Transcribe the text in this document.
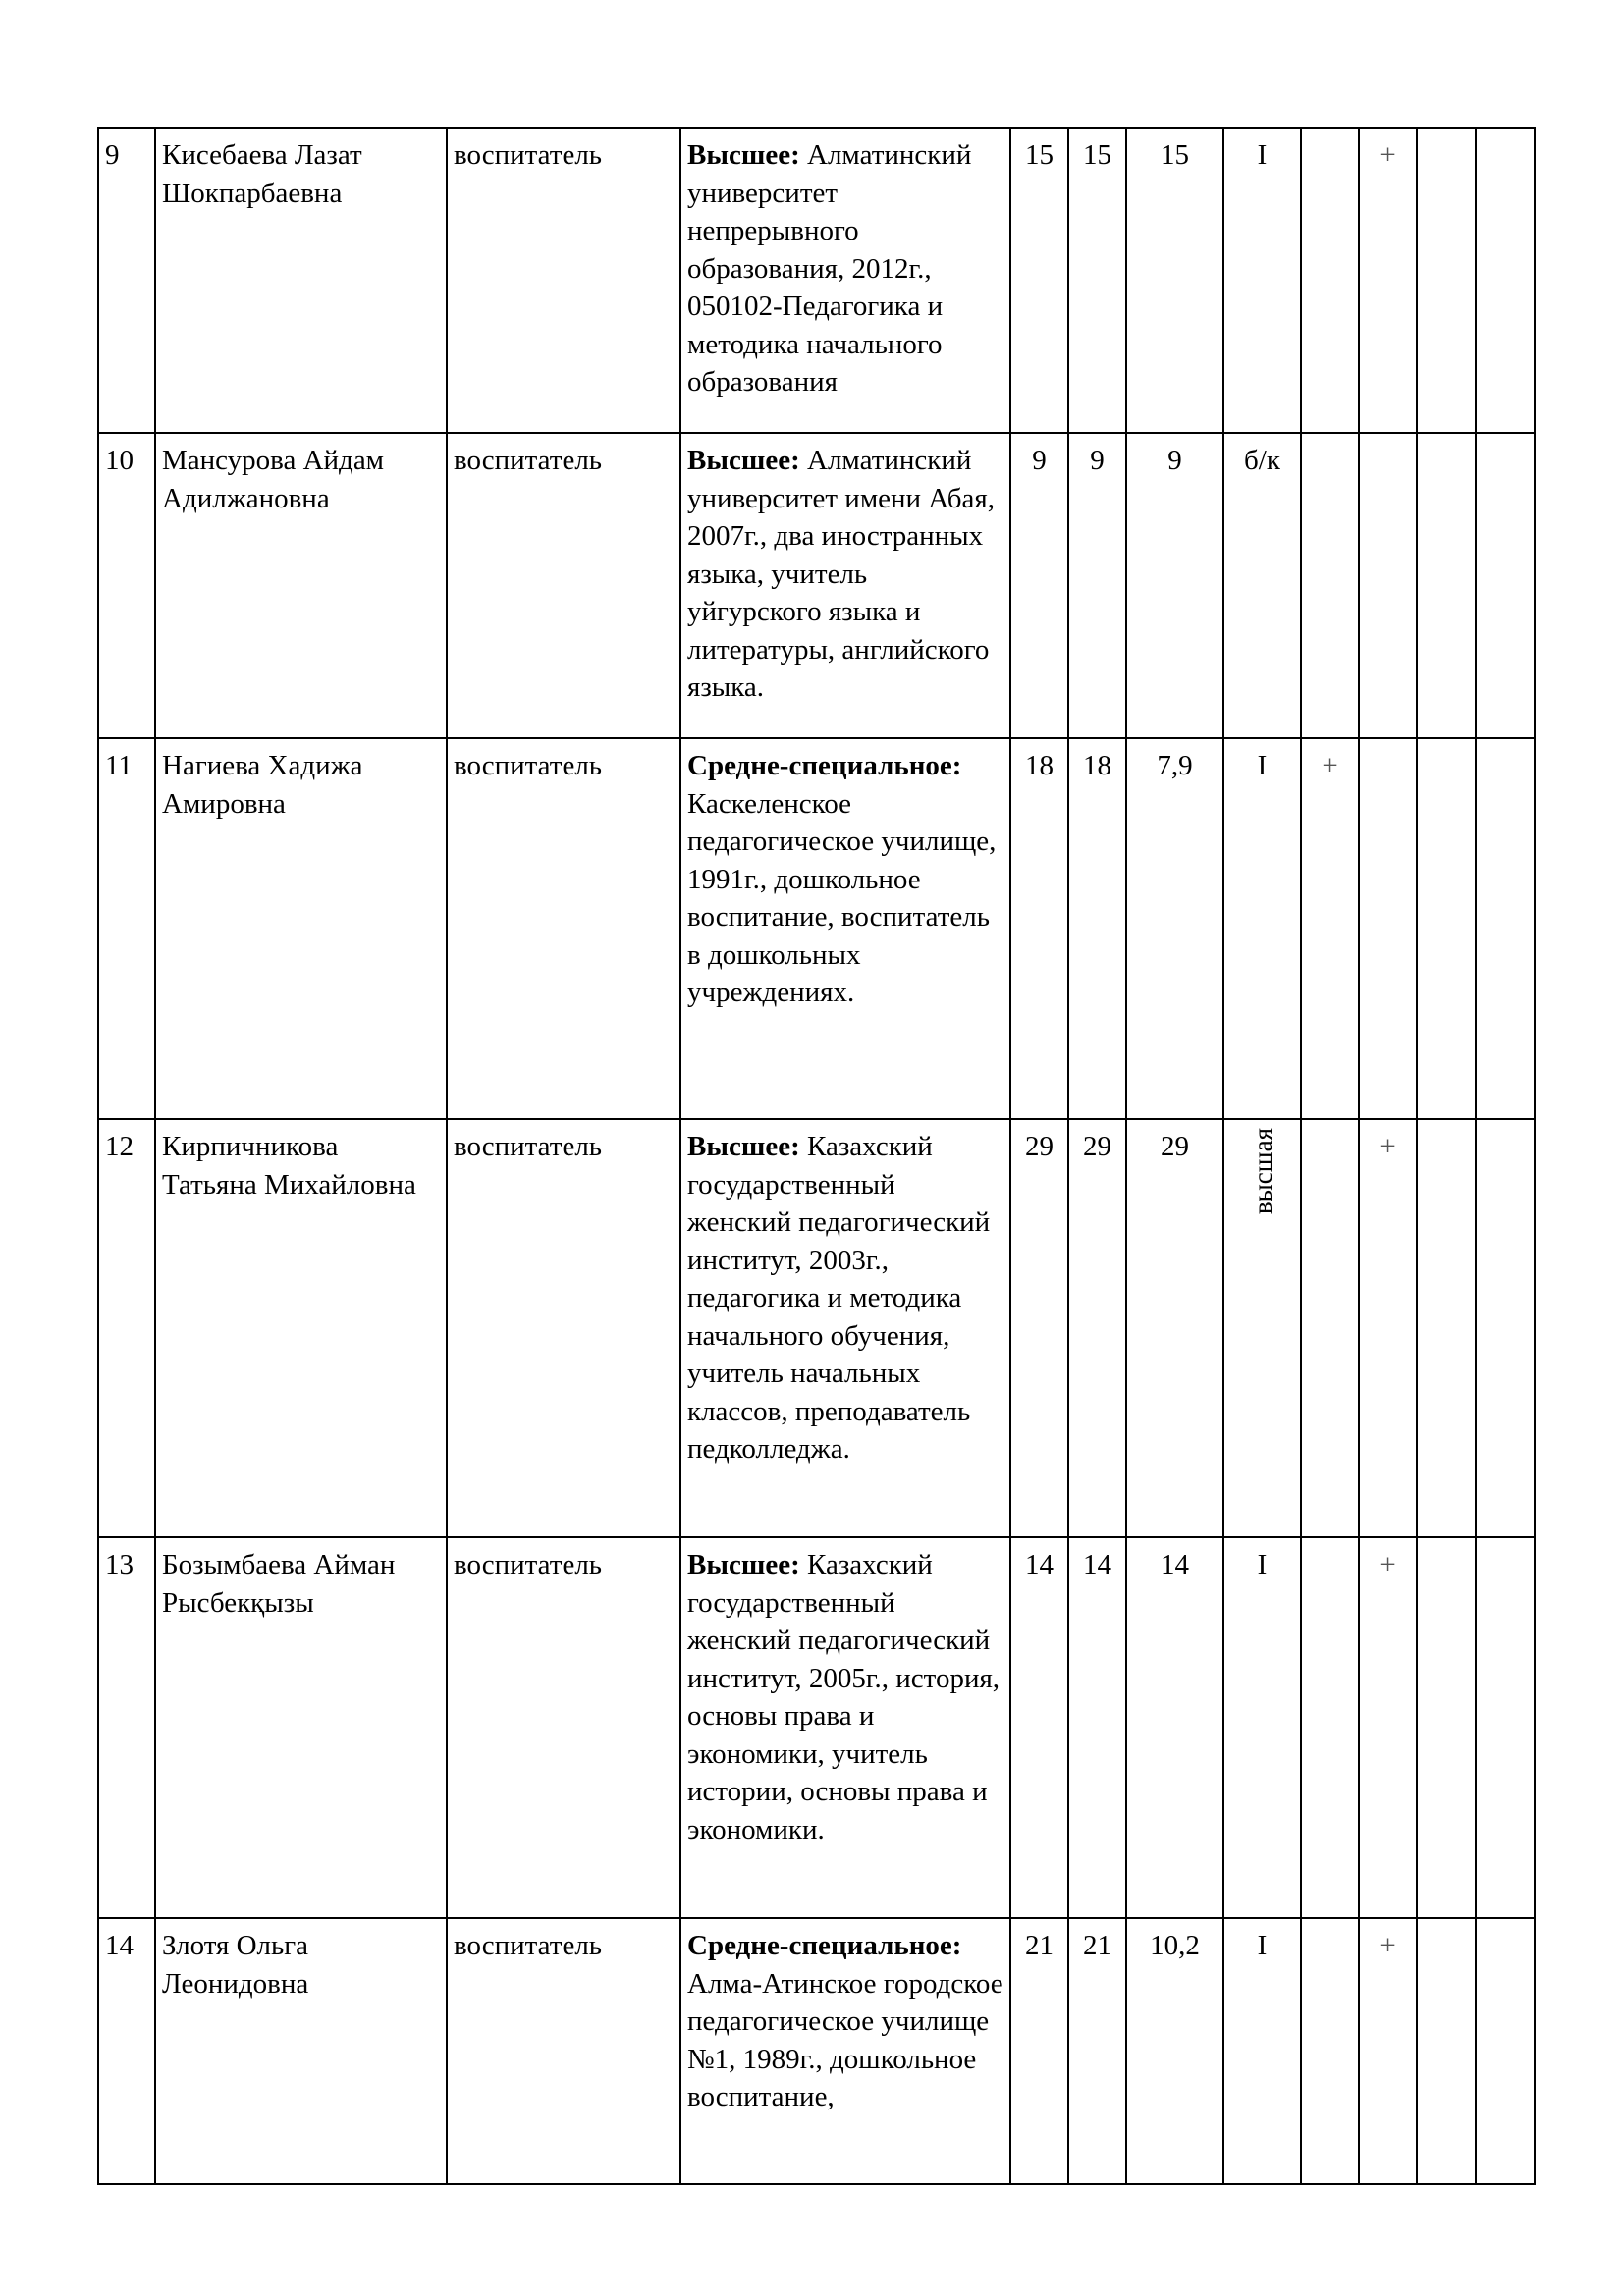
9	Кисебаева Лазат Шокпарбаевна	воспитатель	Высшее: Алматинский университет непрерывного образования, 2012г., 050102-Педагогика и методика начального образования	15	15	15	I		+		
10	Мансурова Айдам Адилжановна	воспитатель	Высшее: Алматинский университет имени Абая, 2007г., два иностранных языка, учитель уйгурского языка и литературы, английского языка.	9	9	9	б/к				
11	Нагиева Хадижа Амировна	воспитатель	Средне-специальное: Каскеленское педагогическое училище, 1991г., дошкольное воспитание, воспитатель в дошкольных учреждениях.	18	18	7,9	I	+			
12	Кирпичникова Татьяна Михайловна	воспитатель	Высшее: Казахский государственный женский педагогический институт, 2003г., педагогика и методика начального обучения, учитель начальных классов, преподаватель педколледжа.	29	29	29	высшая		+		
13	Бозымбаева Айман Рысбекқызы	воспитатель	Высшее: Казахский государственный женский педагогический институт, 2005г., история, основы права и экономики, учитель истории, основы права и экономики.	14	14	14	I		+		
14	Злотя Ольга Леонидовна	воспитатель	Средне-специальное: Алма-Атинское городское педагогическое училище №1, 1989г., дошкольное воспитание,	21	21	10,2	I		+		
